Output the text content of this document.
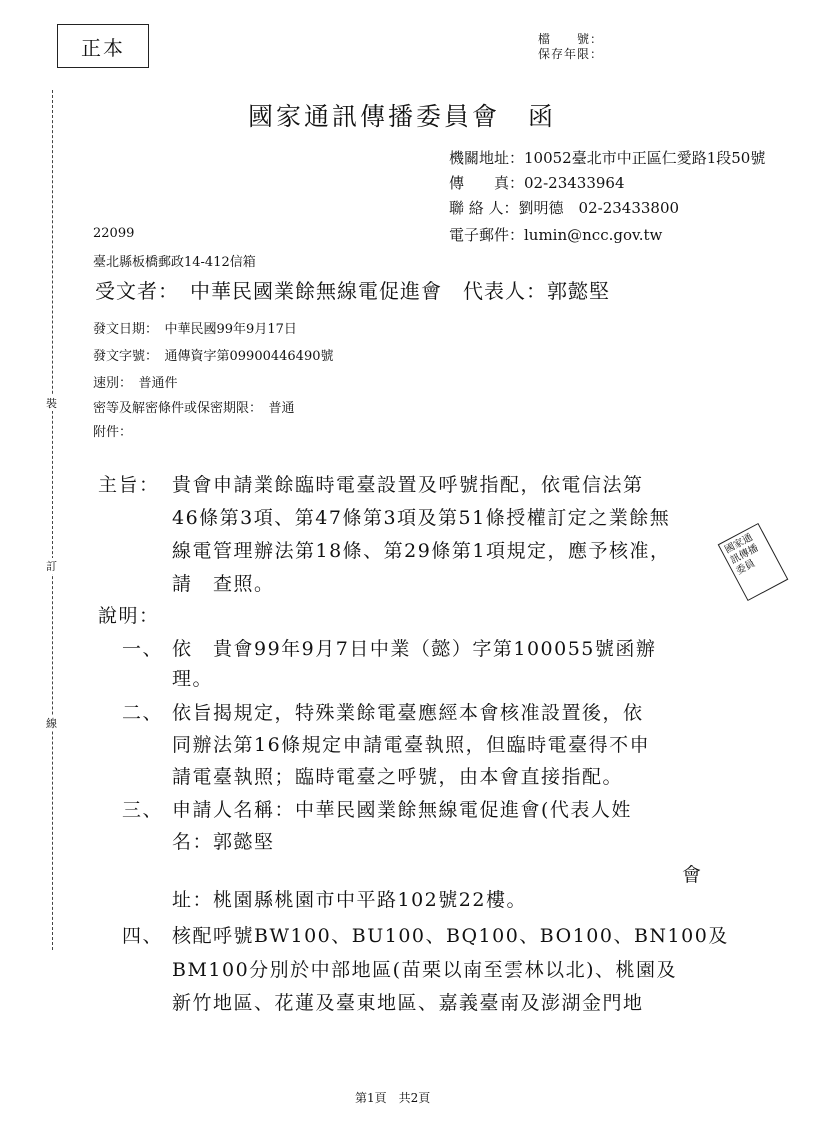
正本	檔　　號：
保存年限：
裝
訂
線
國家通訊傳播委員會　函
機關地址：10052臺北市中正區仁愛路1段50號
傳　　真：02-23433964
聯 絡 人：劉明德　02-23433800
電子郵件：lumin@ncc.gov.tw
22099
臺北縣板橋郵政14-412信箱
受文者：　中華民國業餘無線電促進會　代表人：郭懿堅
發文日期：　中華民國99年9月17日
發文字號：　通傳資字第09900446490號
速別：　普通件
密等及解密條件或保密期限：　普通
附件：
主旨： 貴會申請業餘臨時電臺設置及呼號指配，依電信法第
46條第3項、第47條第3項及第51條授權訂定之業餘無
線電管理辦法第18條、第29條第1項規定，應予核准，
請　查照。
國家通訊傳播委員
說明：
一、 依　貴會99年9月7日中業（懿）字第100055號函辦
理。
二、 依旨揭規定，特殊業餘電臺應經本會核准設置後，依
同辦法第16條規定申請電臺執照，但臨時電臺得不申
請電臺執照；臨時電臺之呼號，由本會直接指配。
三、 申請人名稱：中華民國業餘無線電促進會(代表人姓
名：郭懿堅
會
址：桃園縣桃園市中平路102號22樓。
四、 核配呼號BW100、BU100、BQ100、BO100、BN100及
BM100分別於中部地區(苗栗以南至雲林以北)、桃園及
新竹地區、花蓮及臺東地區、嘉義臺南及澎湖金門地
第1頁　共2頁
